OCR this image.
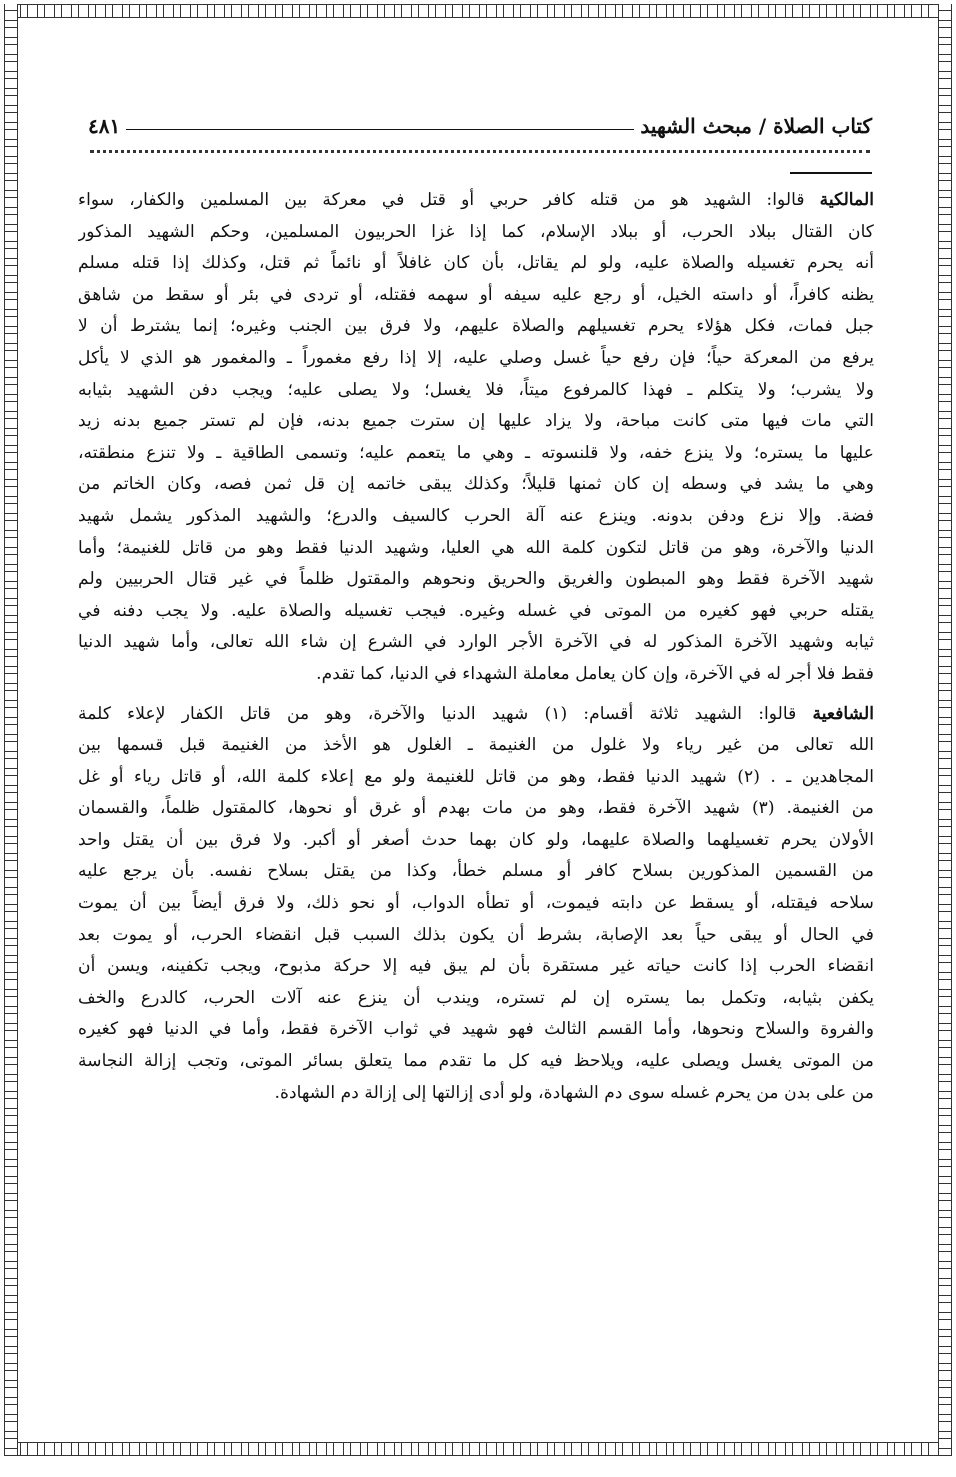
كتاب الصلاة / مبحث الشهيد
٤٨١

المالكية قالوا: الشهيد هو من قتله كافر حربي أو قتل في معركة بين المسلمين والكفار، سواء

كان القتال ببلاد الحرب، أو ببلاد الإسلام، كما إذا غزا الحربيون المسلمين، وحكم الشهيد المذكور

أنه يحرم تغسيله والصلاة عليه، ولو لم يقاتل، بأن كان غافلاً أو نائماً ثم قتل، وكذلك إذا قتله مسلم

يظنه كافراً، أو داسته الخيل، أو رجع عليه سيفه أو سهمه فقتله، أو تردى في بئر أو سقط من شاهق

جبل فمات، فكل هؤلاء يحرم تغسيلهم والصلاة عليهم، ولا فرق بين الجنب وغيره؛ إنما يشترط أن لا

يرفع من المعركة حياً؛ فإن رفع حياً غسل وصلي عليه، إلا إذا رفع مغموراً ـ والمغمور هو الذي لا يأكل

ولا يشرب؛ ولا يتكلم ـ فهذا كالمرفوع ميتاً، فلا يغسل؛ ولا يصلى عليه؛ ويجب دفن الشهيد بثيابه

التي مات فيها متى كانت مباحة، ولا يزاد عليها إن سترت جميع بدنه، فإن لم تستر جميع بدنه زيد

عليها ما يستره؛ ولا ينزع خفه، ولا قلنسوته ـ وهي ما يتعمم عليه؛ وتسمى الطاقية ـ ولا تنزع منطقته،

وهي ما يشد في وسطه إن كان ثمنها قليلاً؛ وكذلك يبقى خاتمه إن قل ثمن فصه، وكان الخاتم من

فضة. وإلا نزع ودفن بدونه. وينزع عنه آلة الحرب كالسيف والدرع؛ والشهيد المذكور يشمل شهيد

الدنيا والآخرة، وهو من قاتل لتكون كلمة الله هي العليا، وشهيد الدنيا فقط وهو من قاتل للغنيمة؛ وأما

شهيد الآخرة فقط وهو المبطون والغريق والحريق ونحوهم والمقتول ظلماً في غير قتال الحربيين ولم

يقتله حربي فهو كغيره من الموتى في غسله وغيره. فيجب تغسيله والصلاة عليه. ولا يجب دفنه في

ثيابه وشهيد الآخرة المذكور له في الآخرة الأجر الوارد في الشرع إن شاء الله تعالى، وأما شهيد الدنيا

فقط فلا أجر له في الآخرة، وإن كان يعامل معاملة الشهداء في الدنيا، كما تقدم.

الشافعية قالوا: الشهيد ثلاثة أقسام: (١) شهيد الدنيا والآخرة، وهو من قاتل الكفار لإعلاء كلمة

الله تعالى من غير رياء ولا غلول من الغنيمة ـ الغلول هو الأخذ من الغنيمة قبل قسمها بين

المجاهدين ـ . (٢) شهيد الدنيا فقط، وهو من قاتل للغنيمة ولو مع إعلاء كلمة الله، أو قاتل رياء أو غل

من الغنيمة. (٣) شهيد الآخرة فقط، وهو من مات بهدم أو غرق أو نحوها، كالمقتول ظلماً، والقسمان

الأولان يحرم تغسيلهما والصلاة عليهما، ولو كان بهما حدث أصغر أو أكبر. ولا فرق بين أن يقتل واحد

من القسمين المذكورين بسلاح كافر أو مسلم خطأ، وكذا من يقتل بسلاح نفسه. بأن يرجع عليه

سلاحه فيقتله، أو يسقط عن دابته فيموت، أو تطأه الدواب، أو نحو ذلك، ولا فرق أيضاً بين أن يموت

في الحال أو يبقى حياً بعد الإصابة، بشرط أن يكون بذلك السبب قبل انقضاء الحرب، أو يموت بعد

انقضاء الحرب إذا كانت حياته غير مستقرة بأن لم يبق فيه إلا حركة مذبوح، ويجب تكفينه، ويسن أن

يكفن بثيابه، وتكمل بما يستره إن لم تستره، ويندب أن ينزع عنه آلات الحرب، كالدرع والخف

والفروة والسلاح ونحوها، وأما القسم الثالث فهو شهيد في ثواب الآخرة فقط، وأما في الدنيا فهو كغيره

من الموتى يغسل ويصلى عليه، ويلاحظ فيه كل ما تقدم مما يتعلق بسائر الموتى، وتجب إزالة النجاسة

من على بدن من يحرم غسله سوى دم الشهادة، ولو أدى إزالتها إلى إزالة دم الشهادة.
